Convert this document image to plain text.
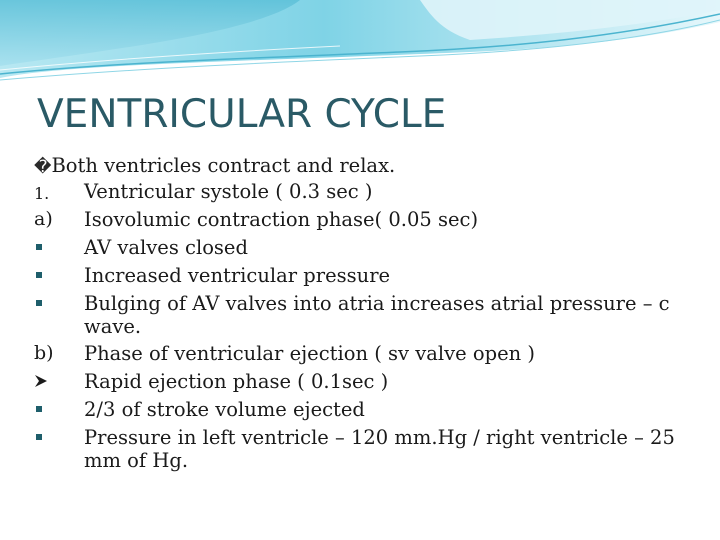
VENTRICULAR CYCLE
�Both ventricles contract and relax.
1.	Ventricular systole ( 0.3 sec )
a)	Isovolumic contraction phase( 0.05 sec)
AV valves closed
Increased ventricular pressure
Bulging of AV valves into atria increases atrial pressure – c wave.
b)	Phase of ventricular ejection ( sv valve open )
Rapid ejection phase ( 0.1sec )
2/3 of stroke volume ejected
Pressure in left ventricle – 120 mm.Hg / right ventricle – 25 mm of Hg.
